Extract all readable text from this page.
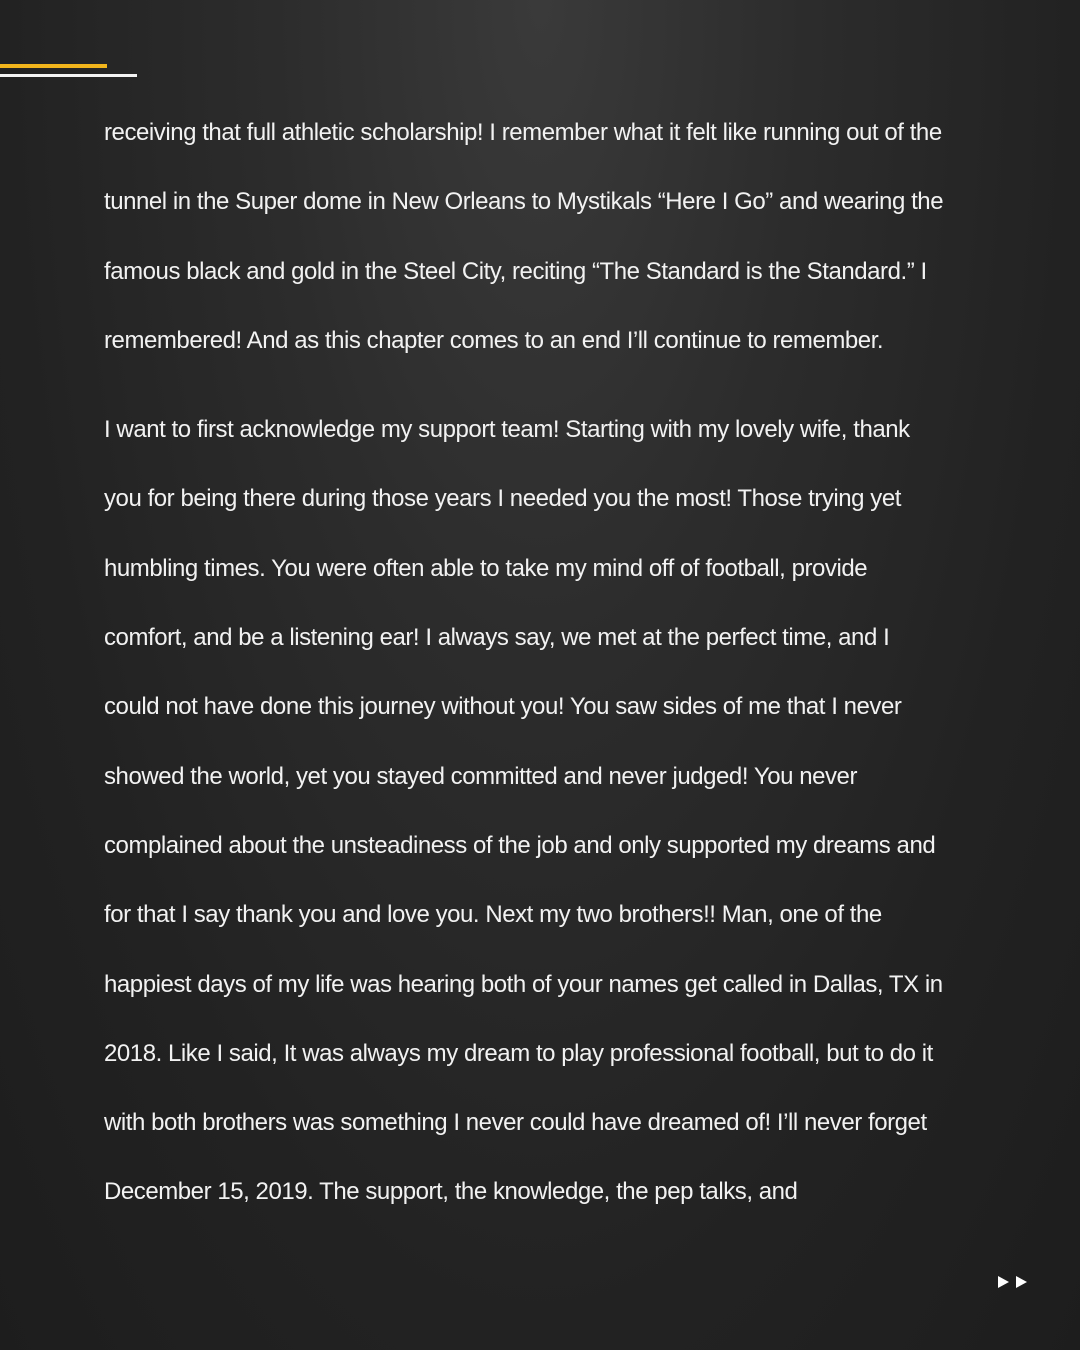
receiving that full athletic scholarship! I remember what it felt like running out of the
tunnel in the Super dome in New Orleans to Mystikals “Here I Go” and wearing the
famous black and gold in the Steel City, reciting “The Standard is the Standard.” I
remembered! And as this chapter comes to an end I’ll continue to remember.

I want to first acknowledge my support team! Starting with my lovely wife, thank
you for being there during those years I needed you the most! Those trying yet
humbling times. You were often able to take my mind off of football, provide
comfort, and be a listening ear! I always say, we met at the perfect time, and I
could not have done this journey without you! You saw sides of me that I never
showed the world, yet you stayed committed and never judged! You never
complained about the unsteadiness of the job and only supported my dreams and
for that I say thank you and love you. Next my two brothers!! Man, one of the
happiest days of my life was hearing both of your names get called in Dallas, TX in
2018. Like I said, It was always my dream to play professional football, but to do it
with both brothers was something I never could have dreamed of! I’ll never forget
December 15, 2019. The support, the knowledge, the pep talks, and
